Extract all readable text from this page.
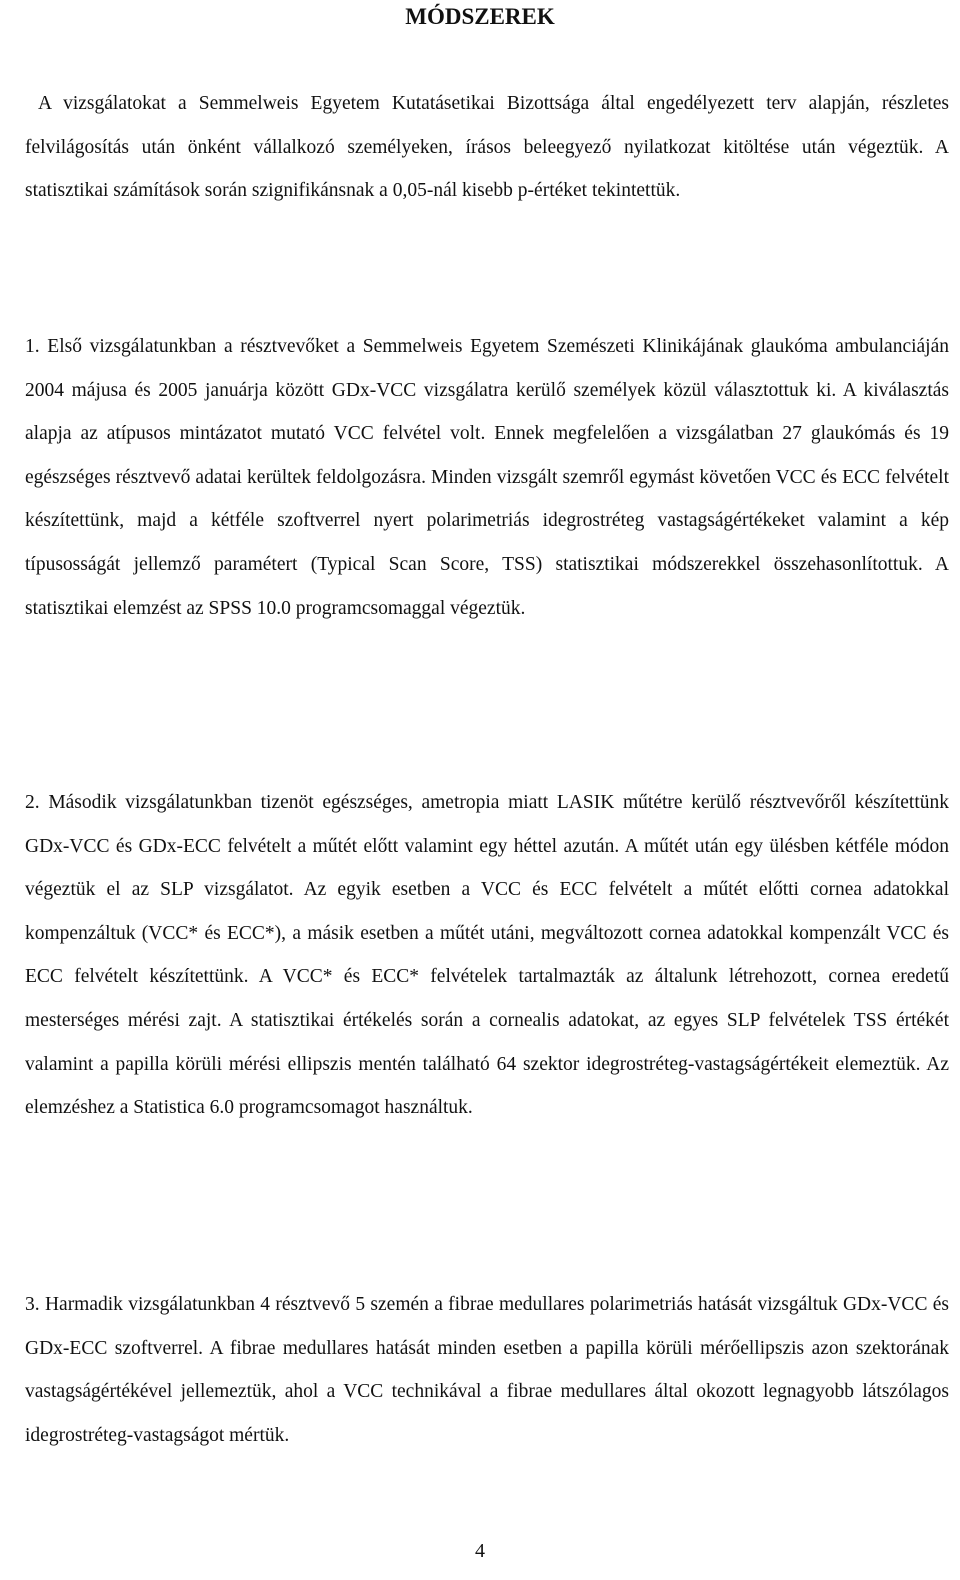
MÓDSZEREK

A vizsgálatokat a Semmelweis Egyetem Kutatásetikai Bizottsága által engedélyezett terv alapján, részletes felvilágosítás után önként vállalkozó személyeken, írásos beleegyező nyilatkozat kitöltése után végeztük. A statisztikai számítások során szignifikánsnak a 0,05-nál kisebb p-értéket tekintettük.

1. Első vizsgálatunkban a résztvevőket a Semmelweis Egyetem Szemészeti Klinikájának glaukóma ambulanciáján 2004 májusa és 2005 januárja között GDx-VCC vizsgálatra kerülő személyek közül választottuk ki. A kiválasztás alapja az atípusos mintázatot mutató VCC felvétel volt. Ennek megfelelően a vizsgálatban 27 glaukómás és 19 egészséges résztvevő adatai kerültek feldolgozásra. Minden vizsgált szemről egymást követően VCC és ECC felvételt készítettünk, majd a kétféle szoftverrel nyert polarimetriás idegrostréteg vastagságértékeket valamint a kép típusosságát jellemző paramétert (Typical Scan Score, TSS) statisztikai módszerekkel összehasonlítottuk. A statisztikai elemzést az SPSS 10.0 programcsomaggal végeztük.
2. Második vizsgálatunkban tizenöt egészséges, ametropia miatt LASIK műtétre kerülő résztvevőről készítettünk GDx-VCC és GDx-ECC felvételt a műtét előtt valamint egy héttel azután. A műtét után egy ülésben kétféle módon végeztük el az SLP vizsgálatot. Az egyik esetben a VCC és ECC felvételt a műtét előtti cornea adatokkal kompenzáltuk (VCC* és ECC*), a másik esetben a műtét utáni, megváltozott cornea adatokkal kompenzált VCC és ECC felvételt készítettünk. A VCC* és ECC* felvételek tartalmazták az általunk létrehozott, cornea eredetű mesterséges mérési zajt. A statisztikai értékelés során a cornealis adatokat, az egyes SLP felvételek TSS értékét valamint a papilla körüli mérési ellipszis mentén található 64 szektor idegrostréteg-vastagságértékeit elemeztük. Az elemzéshez a Statistica 6.0 programcsomagot használtuk.
3. Harmadik vizsgálatunkban 4 résztvevő 5 szemén a fibrae medullares polarimetriás hatását vizsgáltuk GDx-VCC és GDx-ECC szoftverrel. A fibrae medullares hatását minden esetben a papilla körüli mérőellipszis azon szektorának vastagságértékével jellemeztük, ahol a VCC technikával a fibrae medullares által okozott legnagyobb látszólagos idegrostréteg-vastagságot mértük.
4
